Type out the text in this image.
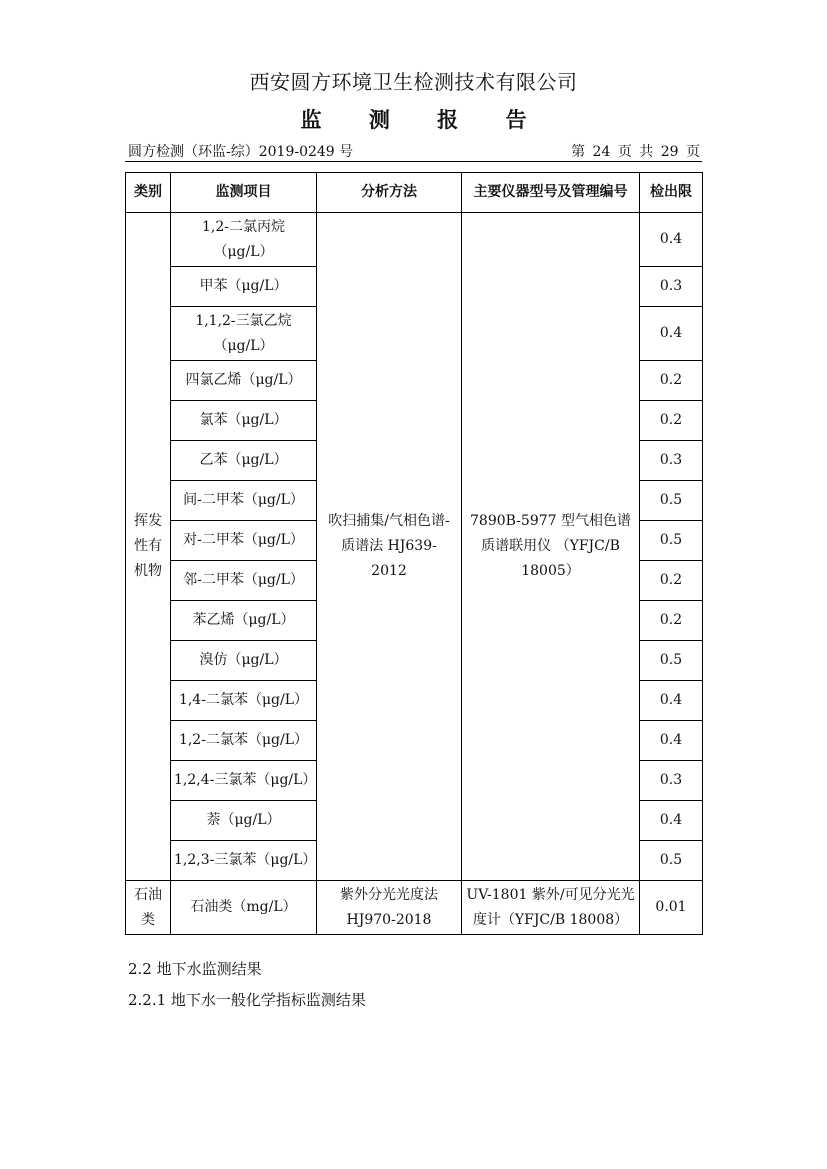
西安圆方环境卫生检测技术有限公司
监 测 报 告
圆方检测（环监-综）2019-0249 号	第 24 页 共 29 页
类别	监测项目	分析方法	主要仪器型号及管理编号	检出限
挥发性有机物	1,2-二氯丙烷（μg/L）	吹扫捕集/气相色谱-质谱法 HJ639-2012	7890B-5977 型气相色谱质谱联用仪 （YFJC/B 18005）	0.4
	甲苯（μg/L）			0.3
	1,1,2-三氯乙烷（μg/L）			0.4
	四氯乙烯（μg/L）			0.2
	氯苯（μg/L）			0.2
	乙苯（μg/L）			0.3
	间-二甲苯（μg/L）			0.5
	对-二甲苯（μg/L）			0.5
	邻-二甲苯（μg/L）			0.2
	苯乙烯（μg/L）			0.2
	溴仿（μg/L）			0.5
	1,4-二氯苯（μg/L）			0.4
	1,2-二氯苯（μg/L）			0.4
	1,2,4-三氯苯（μg/L）			0.3
	萘（μg/L）			0.4
	1,2,3-三氯苯（μg/L）			0.5
石油类	石油类（mg/L）	紫外分光光度法 HJ970-2018	UV-1801 紫外/可见分光光度计（YFJC/B 18008）	0.01
2.2 地下水监测结果
2.2.1 地下水一般化学指标监测结果
